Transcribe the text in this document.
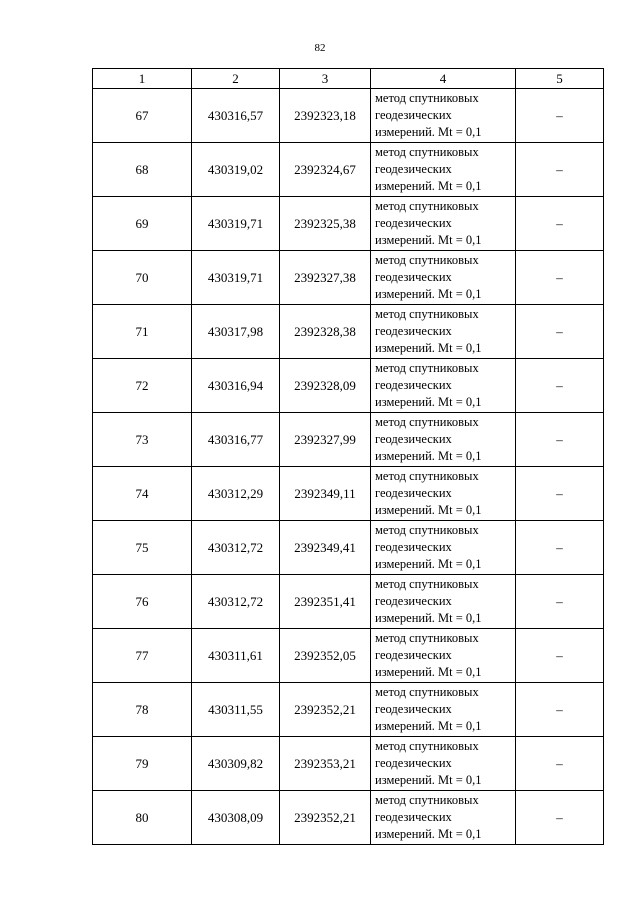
82
1	2	3	4	5
67	430316,57	2392323,18	метод спутниковых
геодезических
измерений. Mt = 0,1	–
68	430319,02	2392324,67	метод спутниковых
геодезических
измерений. Mt = 0,1	–
69	430319,71	2392325,38	метод спутниковых
геодезических
измерений. Mt = 0,1	–
70	430319,71	2392327,38	метод спутниковых
геодезических
измерений. Mt = 0,1	–
71	430317,98	2392328,38	метод спутниковых
геодезических
измерений. Mt = 0,1	–
72	430316,94	2392328,09	метод спутниковых
геодезических
измерений. Mt = 0,1	–
73	430316,77	2392327,99	метод спутниковых
геодезических
измерений. Mt = 0,1	–
74	430312,29	2392349,11	метод спутниковых
геодезических
измерений. Mt = 0,1	–
75	430312,72	2392349,41	метод спутниковых
геодезических
измерений. Mt = 0,1	–
76	430312,72	2392351,41	метод спутниковых
геодезических
измерений. Mt = 0,1	–
77	430311,61	2392352,05	метод спутниковых
геодезических
измерений. Mt = 0,1	–
78	430311,55	2392352,21	метод спутниковых
геодезических
измерений. Mt = 0,1	–
79	430309,82	2392353,21	метод спутниковых
геодезических
измерений. Mt = 0,1	–
80	430308,09	2392352,21	метод спутниковых
геодезических
измерений. Mt = 0,1	–
